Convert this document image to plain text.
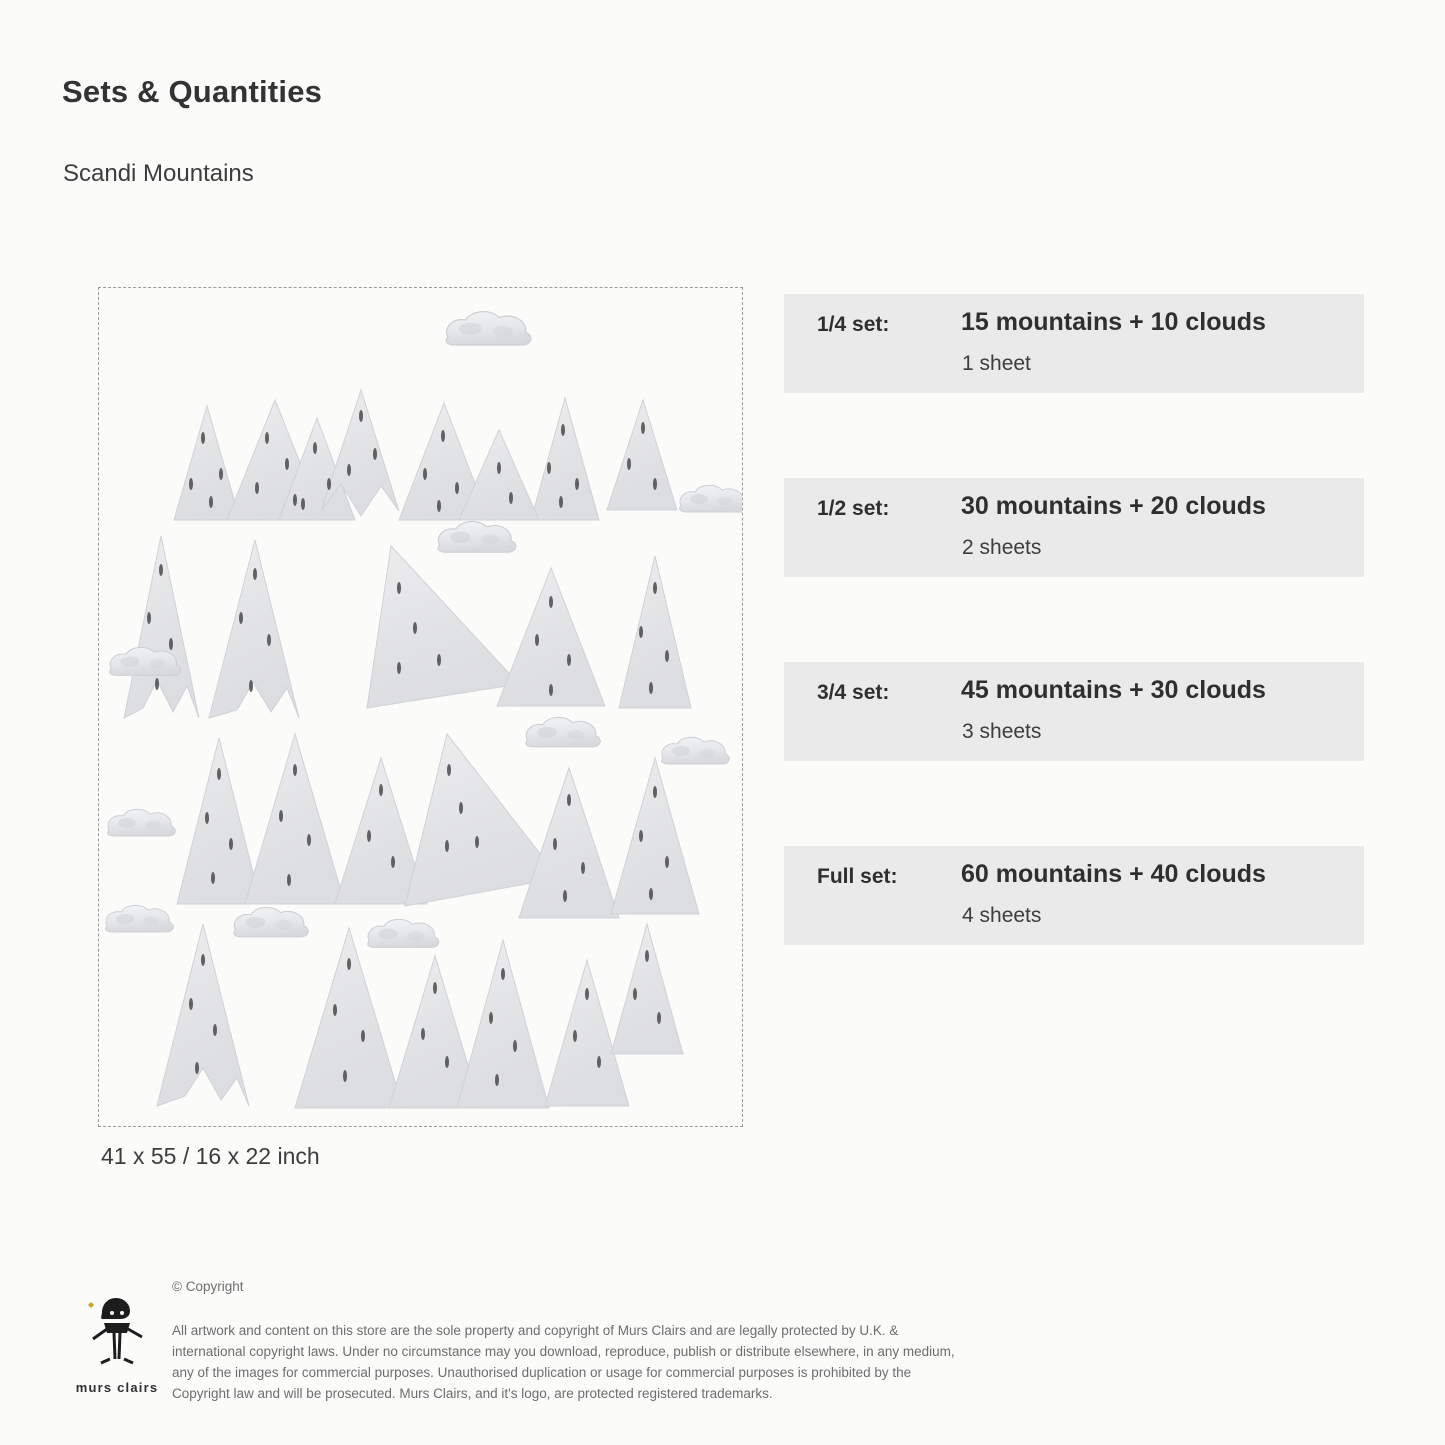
Sets & Quantities
Scandi Mountains
41 x 55 / 16 x 22 inch
1/4 set:	15 mountains + 10 clouds
1 sheet
1/2 set:	30 mountains + 20 clouds
2 sheets
3/4 set:	45 mountains + 30 clouds
3 sheets
Full set:	60 mountains + 40 clouds
4 sheets
murs clairs
© Copyright
All artwork and content on this store are the sole property and copyright of Murs Clairs and are legally protected by U.K. & international copyright laws. Under no circumstance may you download, reproduce, publish or distribute elsewhere, in any medium, any of the images for commercial purposes. Unauthorised duplication or usage for commercial purposes is prohibited by the Copyright law and will be prosecuted. Murs Clairs, and it's logo, are protected registered trademarks.
